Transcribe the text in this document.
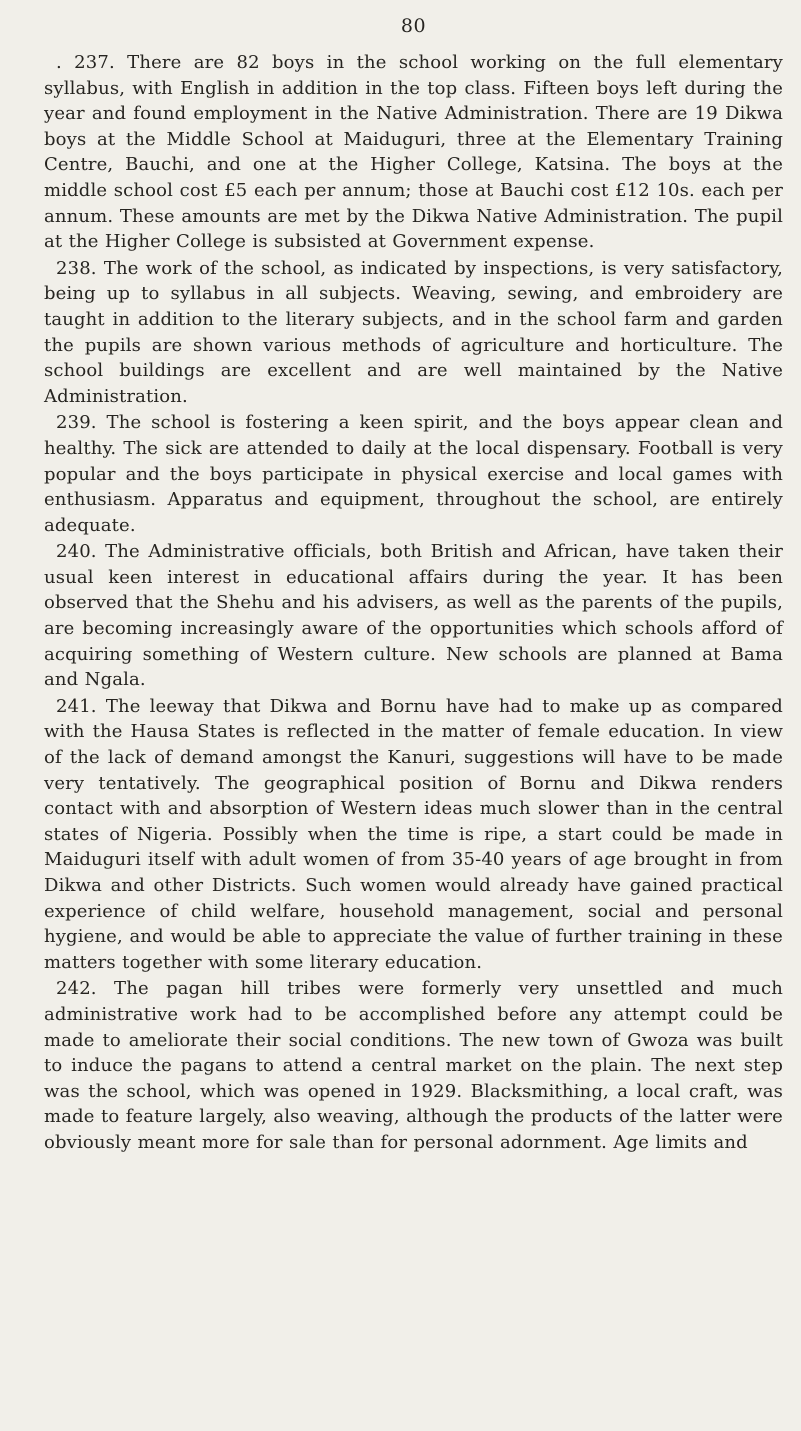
80

. 237. There are 82 boys in the school working on the full elementary syllabus, with English in addition in the top class. Fifteen boys left during the year and found employment in the Native Administration. There are 19 Dikwa boys at the Middle School at Maiduguri, three at the Elementary Training Centre, Bauchi, and one at the Higher College, Katsina. The boys at the middle school cost £5 each per annum; those at Bauchi cost £12 10s. each per annum. These amounts are met by the Dikwa Native Administration. The pupil at the Higher College is subsisted at Government expense.

238. The work of the school, as indicated by inspections, is very satisfactory, being up to syllabus in all subjects. Weaving, sewing, and embroidery are taught in addition to the literary subjects, and in the school farm and garden the pupils are shown various methods of agriculture and horticulture. The school buildings are excellent and are well maintained by the Native Administration.

239. The school is fostering a keen spirit, and the boys appear clean and healthy. The sick are attended to daily at the local dispensary. Football is very popular and the boys participate in physical exercise and local games with enthusiasm. Apparatus and equipment, throughout the school, are entirely adequate.

240. The Administrative officials, both British and African, have taken their usual keen interest in educational affairs during the year. It has been observed that the Shehu and his advisers, as well as the parents of the pupils, are becoming increasingly aware of the opportunities which schools afford of acquiring something of Western culture. New schools are planned at Bama and Ngala.

241. The leeway that Dikwa and Bornu have had to make up as compared with the Hausa States is reflected in the matter of female education. In view of the lack of demand amongst the Kanuri, suggestions will have to be made very tentatively. The geographical position of Bornu and Dikwa renders contact with and absorption of Western ideas much slower than in the central states of Nigeria. Possibly when the time is ripe, a start could be made in Maiduguri itself with adult women of from 35-40 years of age brought in from Dikwa and other Districts. Such women would already have gained practical experience of child welfare, household management, social and personal hygiene, and would be able to appreciate the value of further training in these matters together with some literary education.

242. The pagan hill tribes were formerly very unsettled and much administrative work had to be accomplished before any attempt could be made to ameliorate their social conditions. The new town of Gwoza was built to induce the pagans to attend a central market on the plain. The next step was the school, which was opened in 1929. Blacksmithing, a local craft, was made to feature largely, also weaving, although the products of the latter were obviously meant more for sale than for personal adornment. Age limits and
